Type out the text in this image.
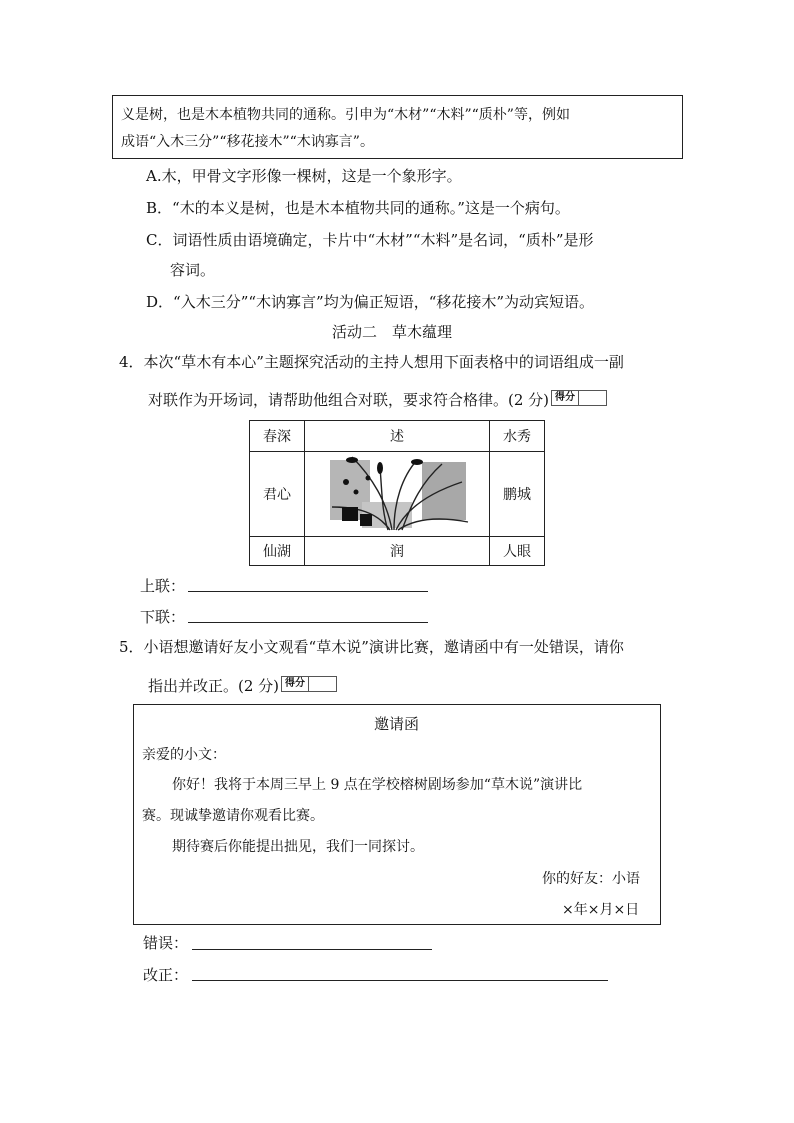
义是树，也是木本植物共同的通称。引申为“木材”“木料”“质朴”等，例如
成语“入木三分”“移花接木”“木讷寡言”。
A.木，甲骨文字形像一棵树，这是一个象形字。
B．“木的本义是树，也是木本植物共同的通称。”这是一个病句。
C．词语性质由语境确定，卡片中“木材”“木料”是名词，“质朴”是形
容词。
D．“入木三分”“木讷寡言”均为偏正短语，“移花接木”为动宾短语。
活动二　草木蕴理
4．本次“草木有本心”主题探究活动的主持人想用下面表格中的词语组成一副
对联作为开场词，请帮助他组合对联，要求符合格律。(2 分) 得分
春深	述	水秀
君心		鹏城
仙湖	润	人眼
上联：
下联：
5．小语想邀请好友小文观看“草木说”演讲比赛，邀请函中有一处错误，请你
指出并改正。(2 分) 得分
邀请函
亲爱的小文：
你好！我将于本周三早上 9 点在学校榕树剧场参加“草木说”演讲比
赛。现诚挚邀请你观看比赛。
期待赛后你能提出拙见，我们一同探讨。
你的好友：小语
×年×月×日
错误：
改正：
